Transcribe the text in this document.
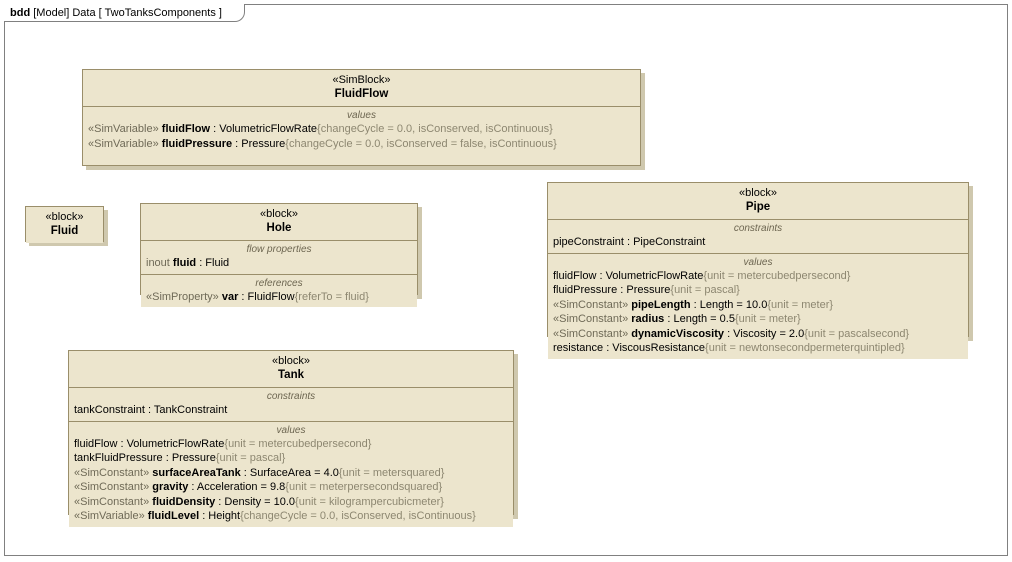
bdd [Model] Data [ TwoTanksComponents ]
«SimBlock»
FluidFlow
values
«SimVariable» fluidFlow : VolumetricFlowRate{changeCycle = 0.0, isConserved, isContinuous}
«SimVariable» fluidPressure : Pressure{changeCycle = 0.0, isConserved = false, isContinuous}
«block»
Fluid
«block»
Hole
flow properties
inout fluid : Fluid
references
«SimProperty» var : FluidFlow{referTo = fluid}
«block»
Pipe
constraints
pipeConstraint : PipeConstraint
values
fluidFlow : VolumetricFlowRate{unit = metercubedpersecond}
fluidPressure : Pressure{unit = pascal}
«SimConstant» pipeLength : Length = 10.0{unit = meter}
«SimConstant» radius : Length = 0.5{unit = meter}
«SimConstant» dynamicViscosity : Viscosity = 2.0{unit = pascalsecond}
resistance : ViscousResistance{unit = newtonsecondpermeterquintipled}
«block»
Tank
constraints
tankConstraint : TankConstraint
values
fluidFlow : VolumetricFlowRate{unit = metercubedpersecond}
tankFluidPressure : Pressure{unit = pascal}
«SimConstant» surfaceAreaTank : SurfaceArea = 4.0{unit = metersquared}
«SimConstant» gravity : Acceleration = 9.8{unit = meterpersecondsquared}
«SimConstant» fluidDensity : Density = 10.0{unit = kilogrampercubicmeter}
«SimVariable» fluidLevel : Height{changeCycle = 0.0, isConserved, isContinuous}
